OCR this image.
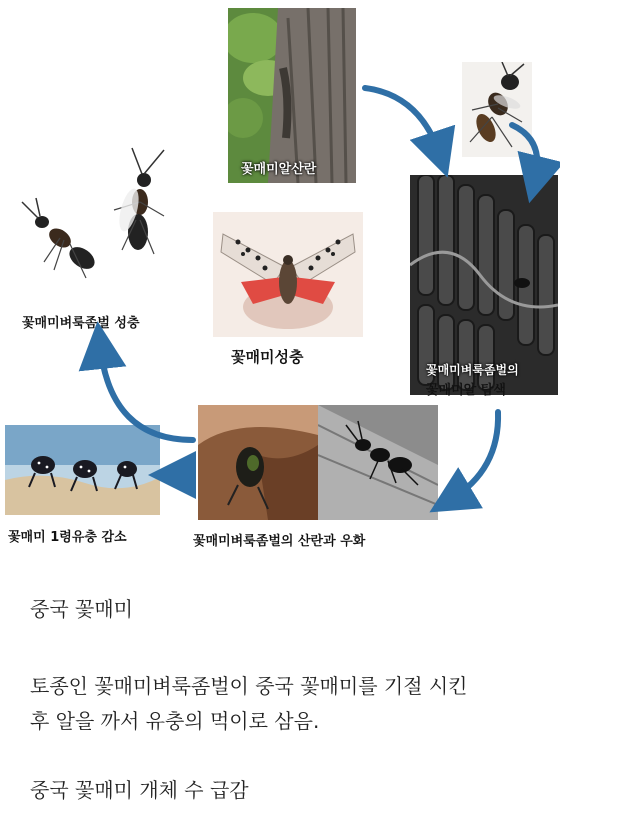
꽃매미알산란
꽃매미벼룩좀벌의
꽃매미알 탐색
꽃매미벼룩좀벌 성충
꽃매미성충
꽃매미벼룩좀벌의 산란과 우화
꽃매미 1령유충 감소
중국 꽃매미
토종인 꽃매미벼룩좀벌이 중국 꽃매미를 기절 시킨
후 알을 까서 유충의 먹이로 삼음.
중국 꽃매미 개체 수 급감
